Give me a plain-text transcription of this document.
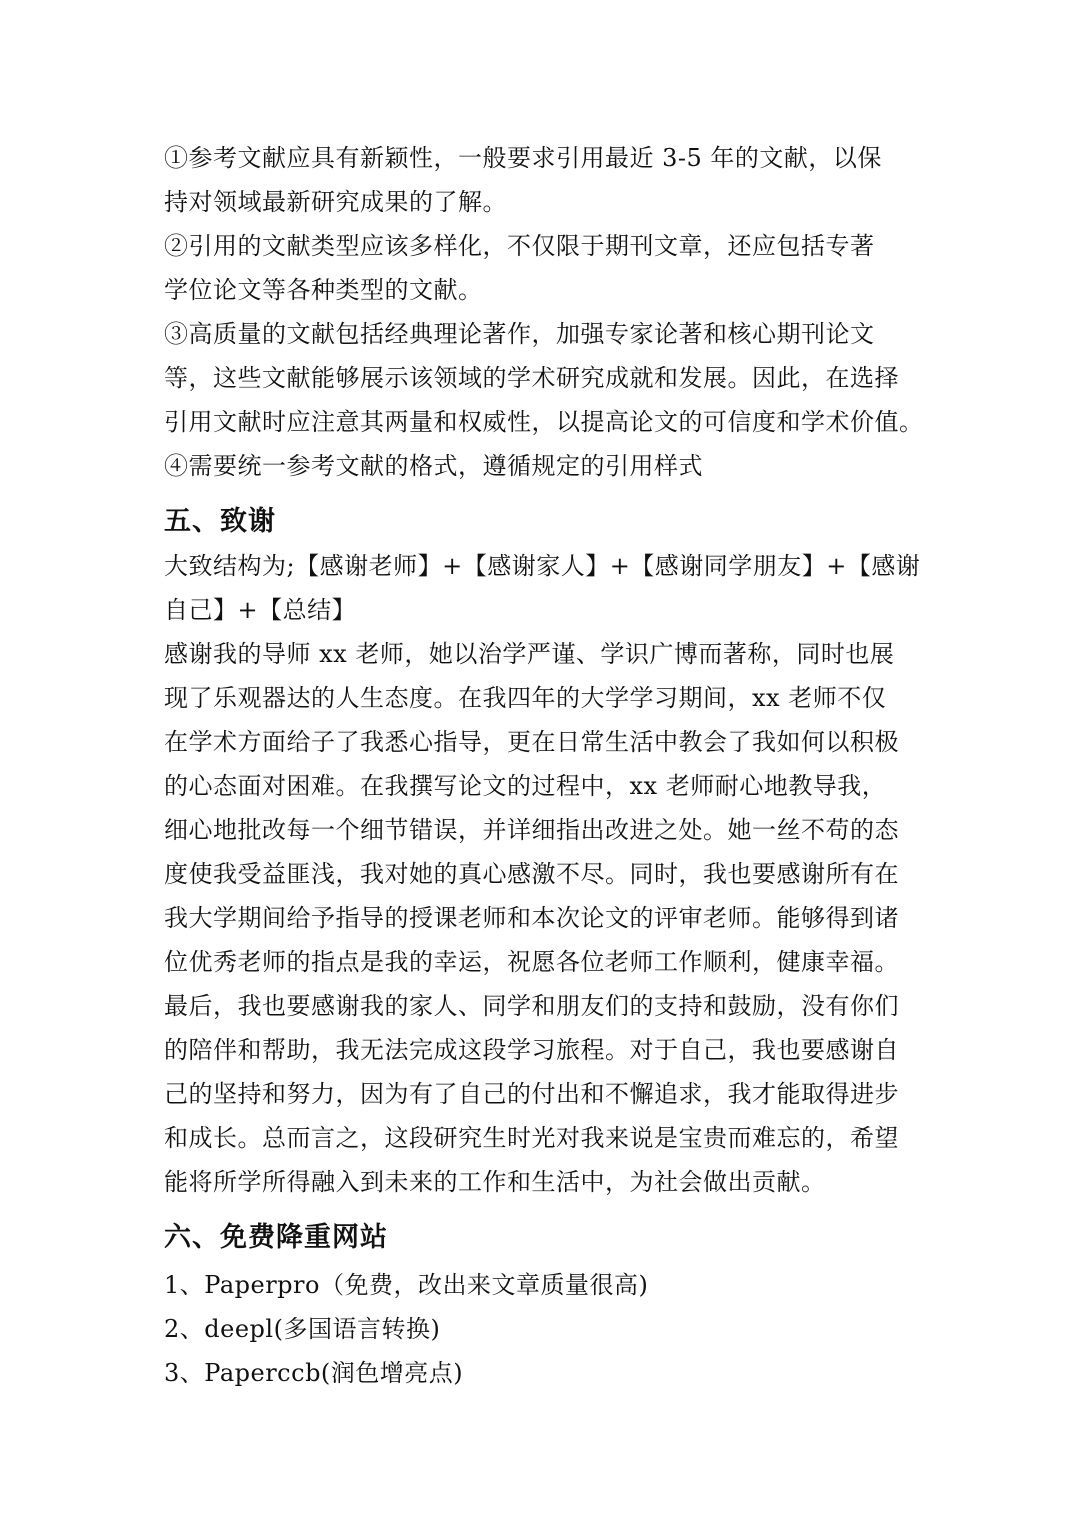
①参考文献应具有新颖性，一般要求引用最近 3-5 年的文献，以保
持对领域最新研究成果的了解。
②引用的文献类型应该多样化，不仅限于期刊文章，还应包括专著
学位论文等各种类型的文献。
③高质量的文献包括经典理论著作，加强专家论著和核心期刊论文
等，这些文献能够展示该领域的学术研究成就和发展。因此，在选择
引用文献时应注意其两量和权威性，以提高论文的可信度和学术价值。
④需要统一参考文献的格式，遵循规定的引用样式
五、致谢
大致结构为;【感谢老师】+【感谢家人】+【感谢同学朋友】+【感谢
自己】+【总结】
感谢我的导师 xx 老师，她以治学严谨、学识广博而著称，同时也展
现了乐观器达的人生态度。在我四年的大学学习期间，xx 老师不仅
在学术方面给子了我悉心指导，更在日常生活中教会了我如何以积极
的心态面对困难。在我撰写论文的过程中，xx 老师耐心地教导我，
细心地批改每一个细节错误，并详细指出改进之处。她一丝不苟的态
度使我受益匪浅，我对她的真心感激不尽。同时，我也要感谢所有在
我大学期间给予指导的授课老师和本次论文的评审老师。能够得到诸
位优秀老师的指点是我的幸运，祝愿各位老师工作顺利，健康幸福。
最后，我也要感谢我的家人、同学和朋友们的支持和鼓励，没有你们
的陪伴和帮助，我无法完成这段学习旅程。对于自己，我也要感谢自
己的坚持和努力，因为有了自己的付出和不懈追求，我才能取得进步
和成长。总而言之，这段研究生时光对我来说是宝贵而难忘的，希望
能将所学所得融入到未来的工作和生活中，为社会做出贡献。
六、免费降重网站
1、Paperpro（免费，改出来文章质量很高)
2、deepl(多国语言转换)
3、Paperccb(润色增亮点)
